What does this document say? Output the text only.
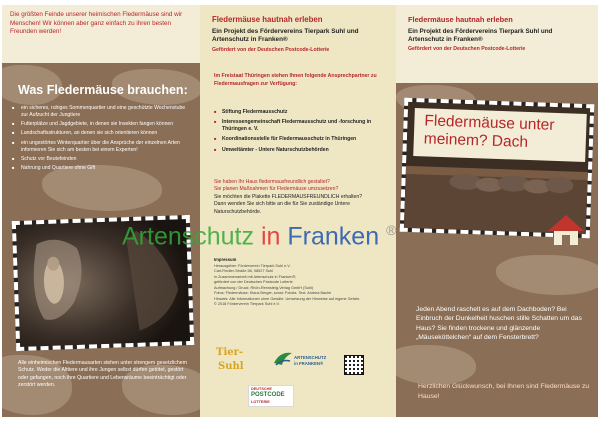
Die größten Feinde unserer heimischen Fledermäuse sind wir Menschen! Wir können aber ganz einfach zu ihren besten Freunden werden!

Was Fledermäuse brauchen:
■ ein sicheres, ruhiges Sommerquartier und eine geschützte Wochenstube zur Aufzucht der Jungtiere
■ Futterplätze und Jagdgebiete, in denen sie Insekten fangen können
■ Landschaftsstrukturen, an denen sie sich orientieren können
■ ein ungestörtes Winterquartier über die Ansprüche der einzelnen Arten informieren Sie sich am besten bei einem Experten!
■ Schutz vor Beutefeinden
■ Nahrung und Quartiere ohne Gift

Alle einheimischen Fledermausarten stehen unter strengem gesetzlichem Schutz. Weder die Alttiere und ihre Jungen selbst dürfen getötet, gestört oder gefangen, noch ihre Quartiere und Lebensräume beeinträchtigt oder zerstört werden.

Fledermäuse hautnah erleben

Ein Projekt des Fördervereins Tierpark Suhl und Artenschutz in Franken®

Gefördert von der Deutschen Postcode-Lotterie

Im Freistaat Thüringen stehen Ihnen folgende Ansprechpartner zu Fledermausfragen zur Verfügung:

■ Stiftung Fledermausschutz
■ Interessengemeinschaft Fledermausschutz und -forschung in Thüringen e. V.
■ Koordinationsstelle für Fledermausschutz in Thüringen
■ Umweltämter - Untere Naturschutzbehörden

Sie haben Ihr Haus fledermausfreundlich gestaltet?

Sie planen Maßnahmen für Fledermäuse umzusetzen?

Sie möchten die Plakette FLEDERMAUSFREUNDLICH erhalten?

Dann wenden Sie sich bitte an die für Sie zuständige Untere Naturschutzbehörde.

Impressum

Herausgeber: Förderverein Tierpark Suhl e.V.

Carl-Fiedler-Straße 58, 98527 Suhl

in Zusammenarbeit mit Artenschutz in Franken®,

gefördert von der Deutschen Postcode Lotterie

Aufmachung / Druck: Rhön-Rennsteig-Verlag GmbH (Suhl)

Fotos: Fledermäuse: Klaus Berger, sonst: Fotolia. Text: Andrea Bache

Hinweis: Alle Informationen ohne Gewähr. Umsetzung der Hinweise auf eigene Gefahr.

© 2018 Förderverein Tierpark Suhl e.V.

Tier-
Suhl
ARTENSCHUTZ
in FRANKEN®
DEUTSCHE
POSTCODE
LOTTERIE
Fledermäuse hautnah erleben

Ein Projekt des Fördervereins Tierpark Suhl und Artenschutz in Franken®

Gefördert von der Deutschen Postcode-Lotterie

Fledermäuse unter meinem? Dach

Jeden Abend raschelt es auf dem Dachboden? Bei Einbruch der Dunkelheit huschen stille Schatten um das Haus? Sie finden trockene und glänzende „Mäuseköttelchen“ auf dem Fensterbrett?

Herzlichen Glückwunsch, bei Ihnen sind Fledermäuse zu Hause!

Artenschutz in Franken ®
